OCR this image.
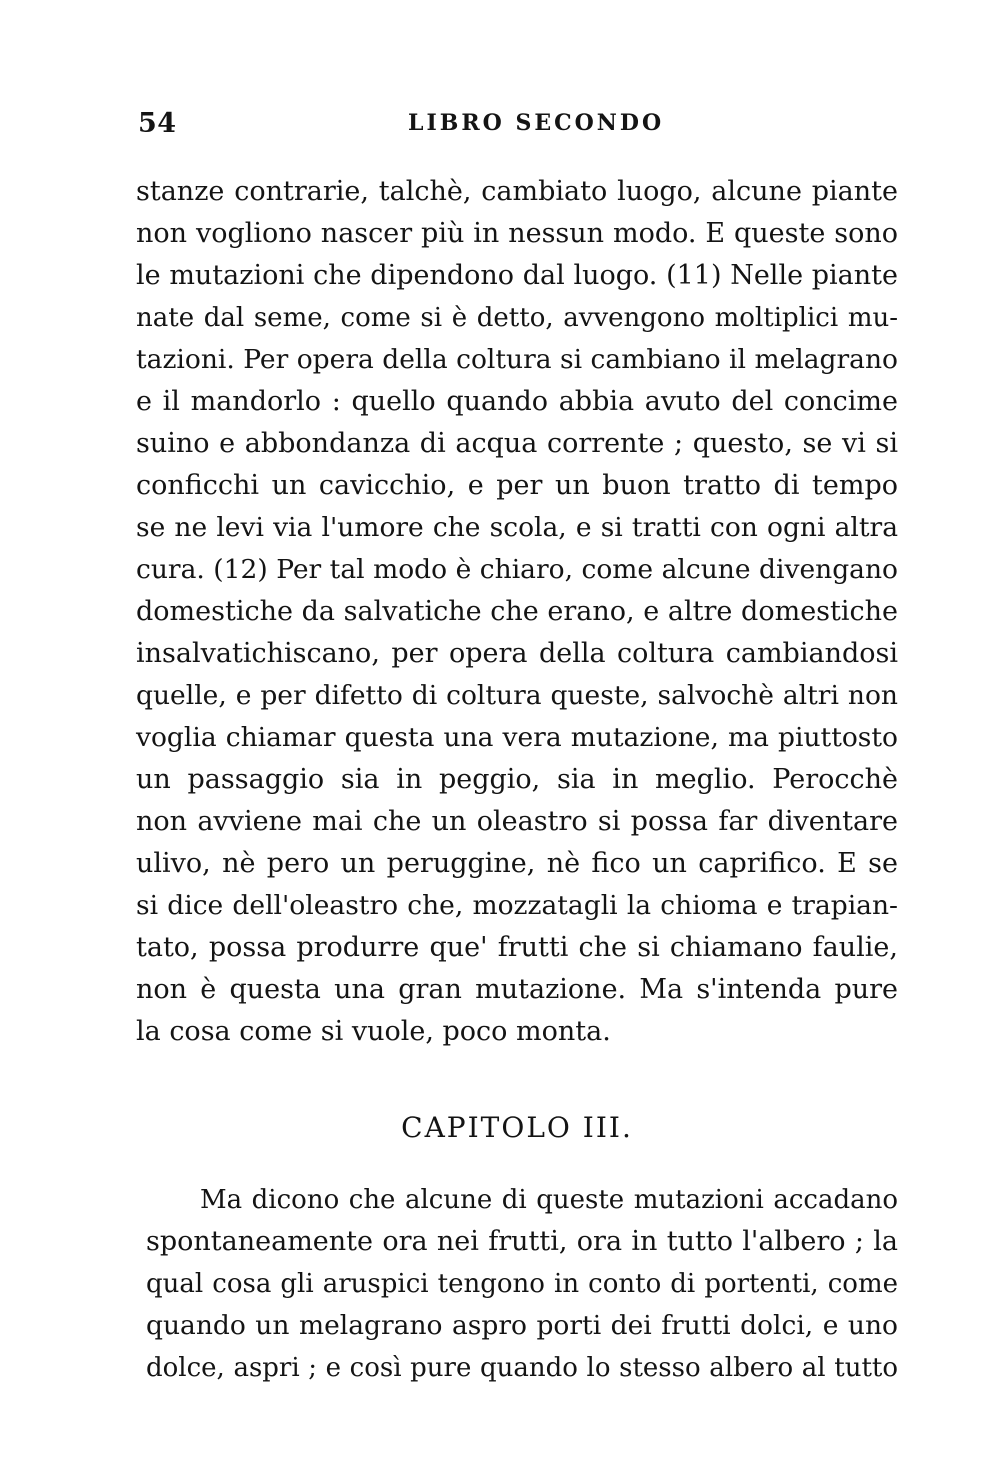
54	LIBRO SECONDO
stanze contrarie, talchè, cambiato luogo, alcune piante
non vogliono nascer più in nessun modo. E queste sono
le mutazioni che dipendono dal luogo. (11) Nelle piante
nate dal seme, come si è detto, avvengono moltiplici mu-
tazioni. Per opera della coltura si cambiano il melagrano
e il mandorlo : quello quando abbia avuto del concime
suino e abbondanza di acqua corrente ; questo, se vi si
conficchi un cavicchio, e per un buon tratto di tempo
se ne levi via l'umore che scola, e si tratti con ogni altra
cura. (12) Per tal modo è chiaro, come alcune divengano
domestiche da salvatiche che erano, e altre domestiche
insalvatichiscano, per opera della coltura cambiandosi
quelle, e per difetto di coltura queste, salvochè altri non
voglia chiamar questa una vera mutazione, ma piuttosto
un passaggio sia in peggio, sia in meglio. Perocchè
non avviene mai che un oleastro si possa far diventare
ulivo, nè pero un peruggine, nè fico un caprifico. E se
si dice dell'oleastro che, mozzatagli la chioma e trapian-
tato, possa produrre que' frutti che si chiamano faulie,
non è questa una gran mutazione. Ma s'intenda pure
la cosa come si vuole, poco monta.
CAPITOLO III.
Ma dicono che alcune di queste mutazioni accadano
spontaneamente ora nei frutti, ora in tutto l'albero ; la
qual cosa gli aruspici tengono in conto di portenti, come
quando un melagrano aspro porti dei frutti dolci, e uno
dolce, aspri ; e così pure quando lo stesso albero al tutto
